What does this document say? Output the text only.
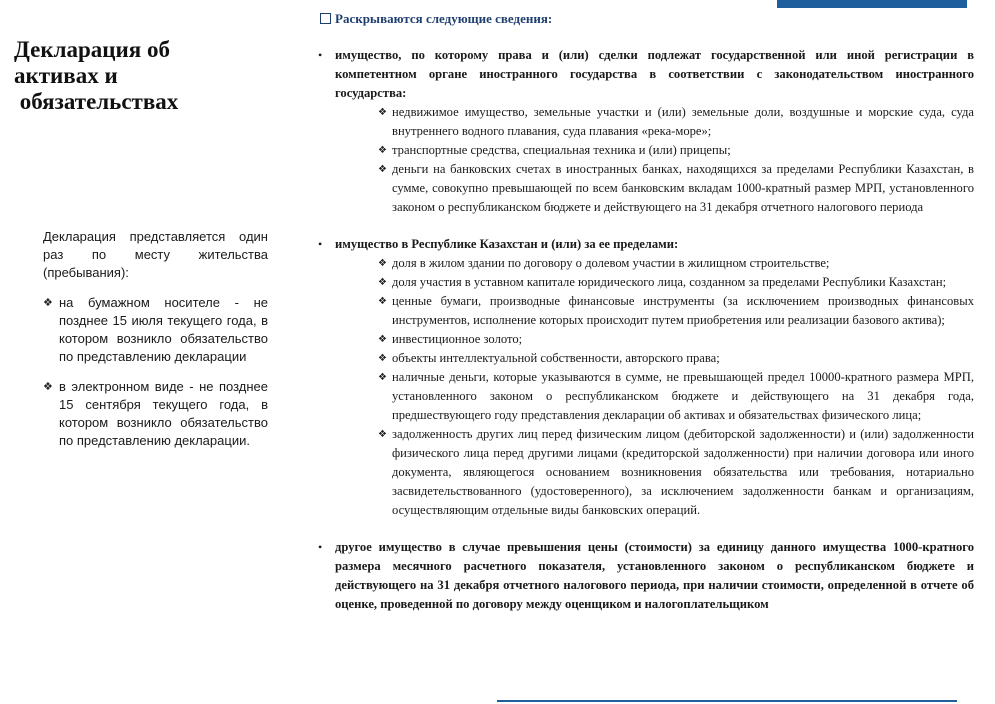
Декларация об
активах и
обязательствах

Декларация представляется один раз по месту жительства (пребывания):

❖ на бумажном носителе - не позднее 15 июля текущего года, в котором возникло обязательство по представлению декларации
❖ в электронном виде - не позднее 15 сентября текущего года, в котором возникло обязательство по представлению декларации.
Раскрываются следующие сведения:
• имущество, по которому права и (или) сделки подлежат государственной или иной регистрации в компетентном органе иностранного государства в соответствии с законодательством иностранного государства:
❖ недвижимое имущество, земельные участки и (или) земельные доли, воздушные и морские суда, суда внутреннего водного плавания, суда плавания «река-море»;
❖ транспортные средства, специальная техника и (или) прицепы;
❖ деньги на банковских счетах в иностранных банках, находящихся за пределами Республики Казахстан, в сумме, совокупно превышающей по всем банковским вкладам 1000-кратный размер МРП, установленного законом о республиканском бюджете и действующего на 31 декабря отчетного налогового периода
• имущество в Республике Казахстан и (или) за ее пределами:
❖ доля в жилом здании по договору о долевом участии в жилищном строительстве;
❖ доля участия в уставном капитале юридического лица, созданном за пределами Республики Казахстан;
❖ ценные бумаги, производные финансовые инструменты (за исключением производных финансовых инструментов, исполнение которых происходит путем приобретения или реализации базового актива);
❖ инвестиционное золото;
❖ объекты интеллектуальной собственности, авторского права;
❖ наличные деньги, которые указываются в сумме, не превышающей предел 10000-кратного размера МРП, установленного законом о республиканском бюджете и действующего на 31 декабря года, предшествующего году представления декларации об активах и обязательствах физического лица;
❖ задолженность других лиц перед физическим лицом (дебиторской задолженности) и (или) задолженности физического лица перед другими лицами (кредиторской задолженности) при наличии договора или иного документа, являющегося основанием возникновения обязательства или требования, нотариально засвидетельствованного (удостоверенного), за исключением задолженности банкам и организациям, осуществляющим отдельные виды банковских операций.
• другое имущество в случае превышения цены (стоимости) за единицу данного имущества 1000-кратного размера месячного расчетного показателя, установленного законом о республиканском бюджете и действующего на 31 декабря отчетного налогового периода, при наличии стоимости, определенной в отчете об оценке, проведенной по договору между оценщиком и налогоплательщиком
